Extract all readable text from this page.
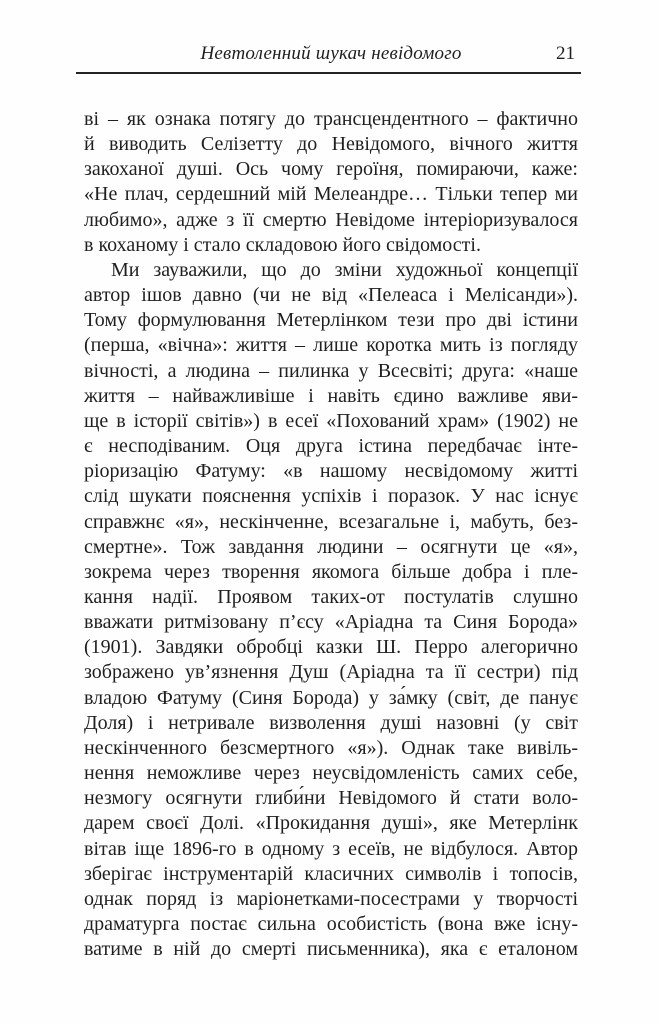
Невтоленний шукач невідомого	21
ві – як ознака потягу до трансцендентного – фактично
й виводить Селізетту до Невідомого, вічного життя
закоханої душі. Ось чому героїня, помираючи, каже:
«Не плач, сердешний мій Мелеандре… Тільки тепер ми
любимо», адже з її смертю Невідоме інтеріоризувалося
в коханому і стало складовою його свідомості.
Ми зауважили, що до зміни художньої концепції
автор ішов давно (чи не від «Пелеаса і Мелісанди»).
Тому формулювання Метерлінком тези про дві істини
(перша, «вічна»: життя – лише коротка мить із погляду
вічності, а людина – пилинка у Всесвіті; друга: «наше
життя – найважливіше і навіть єдино важливе яви-
ще в історії світів») в есеї «Похований храм» (1902) не
є несподіваним. Оця друга істина передбачає інте-
ріоризацію Фатуму: «в нашому несвідомому житті
слід шукати пояснення успіхів і поразок. У нас існує
справжнє «я», нескінченне, всезагальне і, мабуть, без-
смертне». Тож завдання людини – осягнути це «я»,
зокрема через творення якомога більше добра і пле-
кання надії. Проявом таких-от постулатів слушно
вважати ритмізовану п’єсу «Аріадна та Синя Борода»
(1901). Завдяки обробці казки Ш. Перро алегорично
зображено ув’язнення Душ (Аріадна та її сестри) під
владою Фатуму (Синя Борода) у за́мку (світ, де панує
Доля) і нетривале визволення душі назовні (у світ
нескінченного безсмертного «я»). Однак таке вивіль-
нення неможливе через неусвідомленість самих себе,
незмогу осягнути глиби́ни Невідомого й стати воло-
дарем своєї Долі. «Прокидання душі», яке Метерлінк
вітав іще 1896-го в одному з есеїв, не відбулося. Автор
зберігає інструментарій класичних символів і топосів,
однак поряд із маріонетками-посестрами у творчості
драматурга постає сильна особистість (вона вже існу-
ватиме в ній до смерті письменника), яка є еталоном
